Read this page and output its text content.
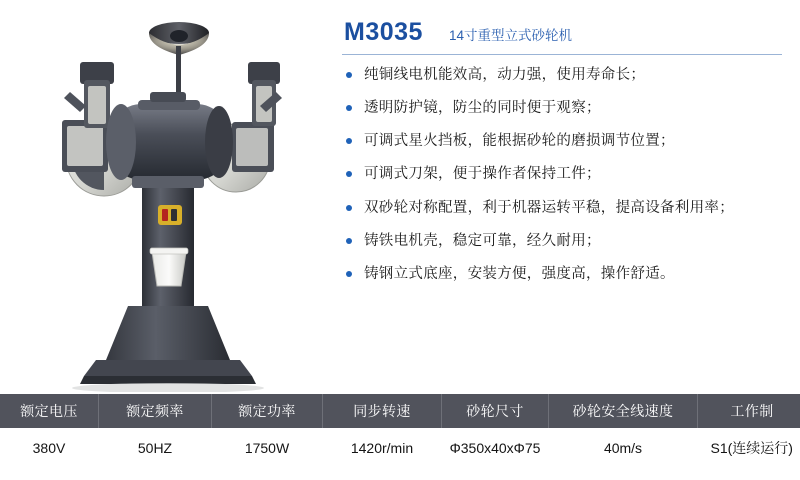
M3035 14寸重型立式砂轮机
纯铜线电机能效高，动力强，使用寿命长；
透明防护镜，防尘的同时便于观察；
可调式星火挡板，能根据砂轮的磨损调节位置；
可调式刀架，便于操作者保持工件；
双砂轮对称配置，利于机器运转平稳，提高设备利用率；
铸铁电机壳，稳定可靠，经久耐用；
铸钢立式底座，安装方便，强度高，操作舒适。
额定电压	额定频率	额定功率	同步转速	砂轮尺寸	砂轮安全线速度	工作制
380V	50HZ	1750W	1420r/min	Φ350x40xΦ75	40m/s	S1(连续运行)
